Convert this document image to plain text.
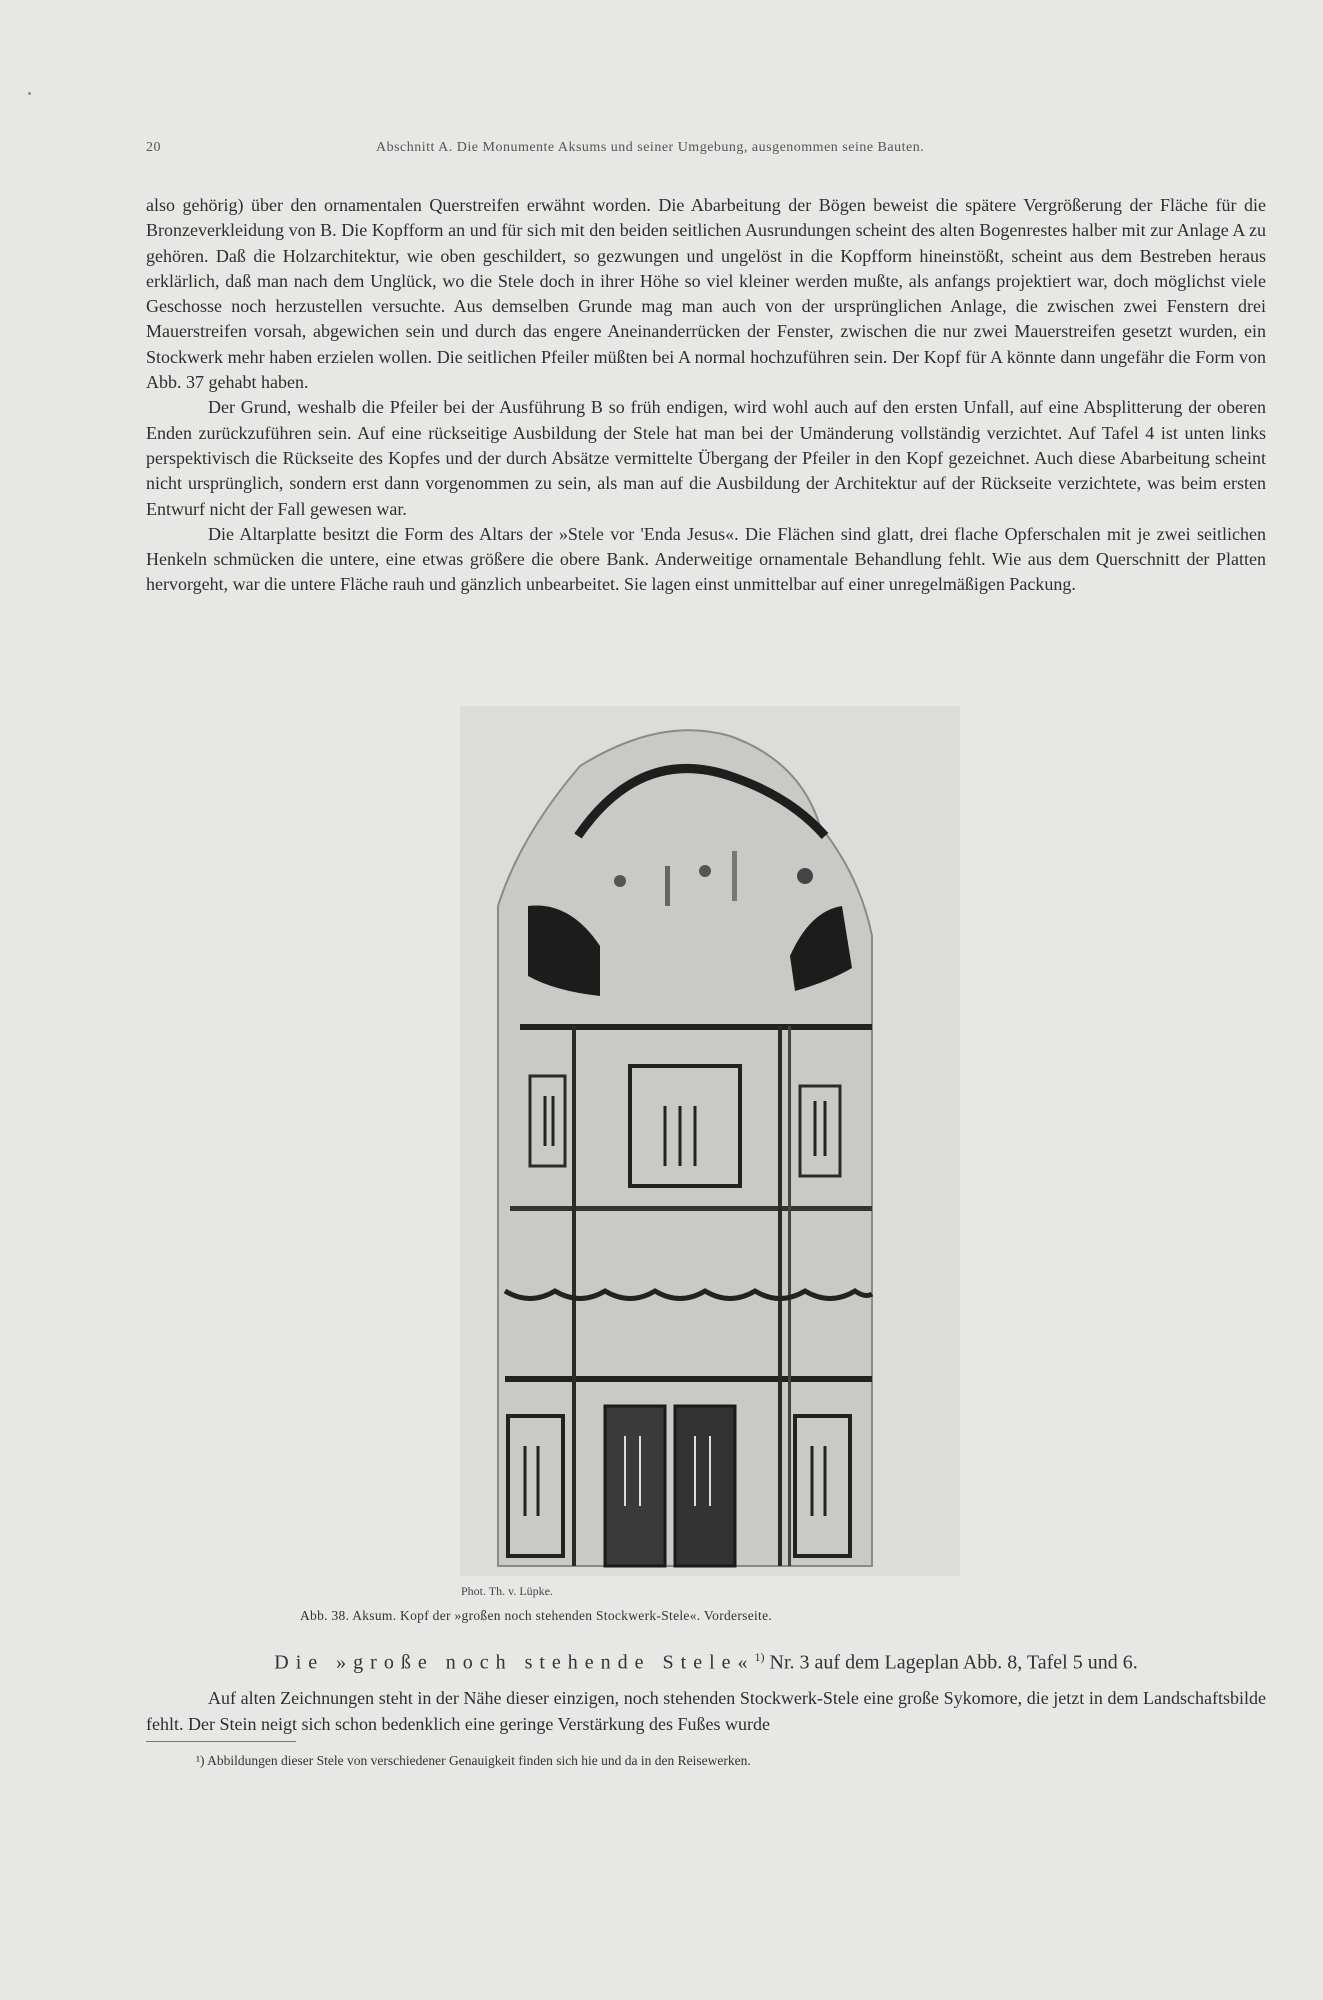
20	Abschnitt A. Die Monumente Aksums und seiner Umgebung, ausgenommen seine Bauten.

also gehörig) über den ornamentalen Querstreifen erwähnt worden. Die Abarbeitung der Bögen beweist die spätere Vergrößerung der Fläche für die Bronzeverkleidung von B. Die Kopfform an und für sich mit den beiden seitlichen Ausrundungen scheint des alten Bogenrestes halber mit zur Anlage A zu gehören. Daß die Holzarchitektur, wie oben geschildert, so gezwungen und ungelöst in die Kopfform hineinstößt, scheint aus dem Bestreben heraus erklärlich, daß man nach dem Unglück, wo die Stele doch in ihrer Höhe so viel kleiner werden mußte, als anfangs projektiert war, doch möglichst viele Geschosse noch herzustellen versuchte. Aus demselben Grunde mag man auch von der ursprünglichen Anlage, die zwischen zwei Fenstern drei Mauerstreifen vorsah, abgewichen sein und durch das engere Aneinanderrücken der Fenster, zwischen die nur zwei Mauerstreifen gesetzt wurden, ein Stockwerk mehr haben erzielen wollen. Die seitlichen Pfeiler müßten bei A normal hochzuführen sein. Der Kopf für A könnte dann ungefähr die Form von Abb. 37 gehabt haben.

Der Grund, weshalb die Pfeiler bei der Ausführung B so früh endigen, wird wohl auch auf den ersten Unfall, auf eine Absplitterung der oberen Enden zurückzuführen sein. Auf eine rückseitige Ausbildung der Stele hat man bei der Umänderung vollständig verzichtet. Auf Tafel 4 ist unten links perspektivisch die Rückseite des Kopfes und der durch Absätze vermittelte Übergang der Pfeiler in den Kopf gezeichnet. Auch diese Abarbeitung scheint nicht ursprünglich, sondern erst dann vorgenommen zu sein, als man auf die Ausbildung der Architektur auf der Rückseite verzichtete, was beim ersten Entwurf nicht der Fall gewesen war.

Die Altarplatte besitzt die Form des Altars der »Stele vor 'Enda Jesus«. Die Flächen sind glatt, drei flache Opferschalen mit je zwei seitlichen Henkeln schmücken die untere, eine etwas größere die obere Bank. Anderweitige ornamentale Behandlung fehlt. Wie aus dem Querschnitt der Platten hervorgeht, war die untere Fläche rauh und gänzlich unbearbeitet. Sie lagen einst unmittelbar auf einer unregelmäßigen Packung.

Phot. Th. v. Lüpke.
Abb. 38. Aksum. Kopf der »großen noch stehenden Stockwerk-Stele«. Vorderseite.
Die »große noch stehende Stele«$^{1)}$ Nr. 3 auf dem Lageplan Abb. 8, Tafel 5 und 6.

Auf alten Zeichnungen steht in der Nähe dieser einzigen, noch stehenden Stockwerk-Stele eine große Sykomore, die jetzt in dem Landschaftsbilde fehlt. Der Stein neigt sich schon bedenklich eine geringe Verstärkung des Fußes wurde

¹) Abbildungen dieser Stele von verschiedener Genauigkeit finden sich hie und da in den Reisewerken.
